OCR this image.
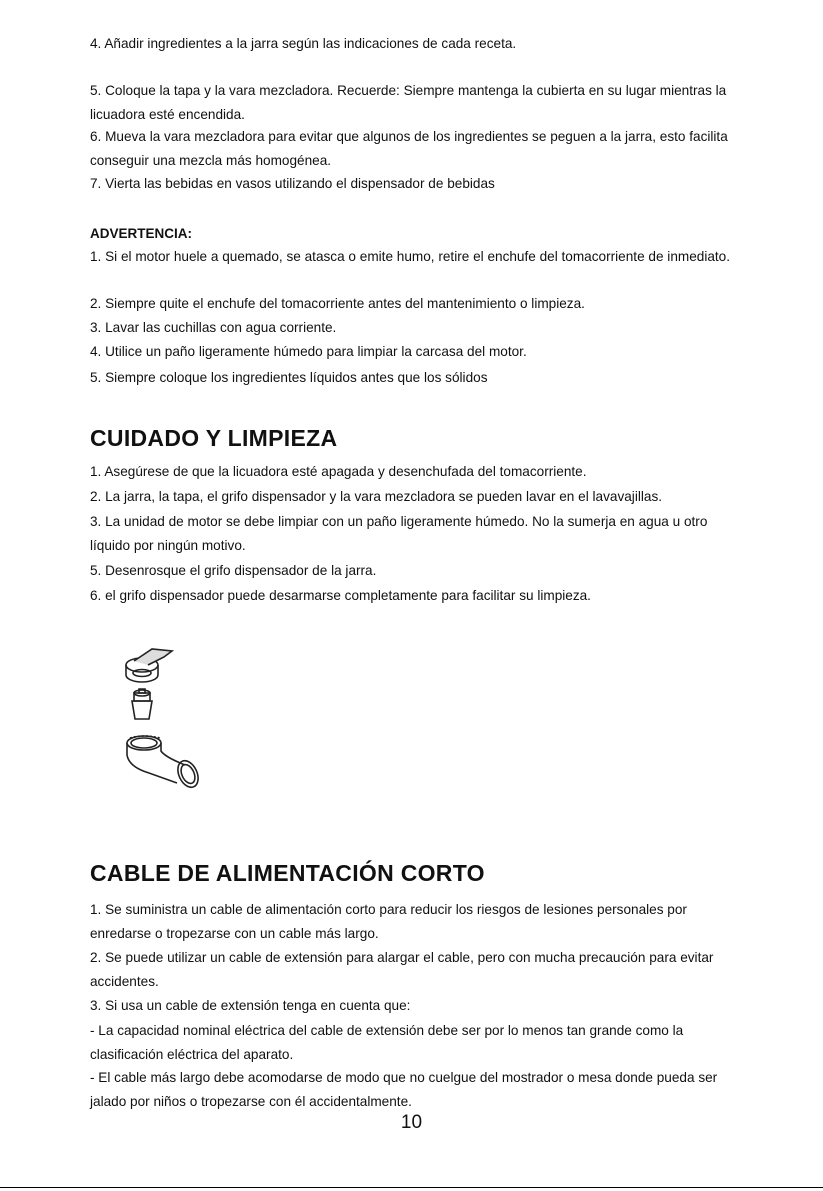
4. Añadir ingredientes a la jarra según las indicaciones de cada receta.

5. Coloque la tapa y la vara mezcladora. Recuerde: Siempre mantenga la cubierta en su lugar mientras la licuadora esté encendida.

6. Mueva la vara mezcladora para evitar que algunos de los ingredientes se peguen a la jarra, esto facilita conseguir una mezcla más homogénea.

7. Vierta las bebidas en vasos utilizando el dispensador de bebidas

ADVERTENCIA:

1. Si el motor huele a quemado, se atasca o emite humo, retire el enchufe del tomacorriente de inmediato.

2. Siempre quite el enchufe del tomacorriente antes del mantenimiento o limpieza.

3. Lavar las cuchillas con agua corriente.

4. Utilice un paño ligeramente húmedo para limpiar la carcasa del motor.

5. Siempre coloque los ingredientes líquidos antes que los sólidos

CUIDADO Y LIMPIEZA

1. Asegúrese de que la licuadora esté apagada y desenchufada del tomacorriente.

2. La jarra, la tapa, el grifo dispensador y la vara mezcladora se pueden lavar en el lavavajillas.

3. La unidad de motor se debe limpiar con un paño ligeramente húmedo. No la sumerja en agua u otro líquido por ningún motivo.

5. Desenrosque el grifo dispensador de la jarra.

6. el grifo dispensador puede desarmarse completamente para facilitar su limpieza.

CABLE DE ALIMENTACIÓN CORTO

1. Se suministra un cable de alimentación corto para reducir los riesgos de lesiones personales por enredarse o tropezarse con un cable más largo.

2. Se puede utilizar un cable de extensión para alargar el cable, pero con mucha precaución para evitar accidentes.

3. Si usa un cable de extensión tenga en cuenta que:

- La capacidad nominal eléctrica del cable de extensión debe ser por lo menos tan grande como la clasificación eléctrica del aparato.

- El cable más largo debe acomodarse de modo que no cuelgue del mostrador o mesa donde pueda ser jalado por niños o tropezarse con él accidentalmente.

10
